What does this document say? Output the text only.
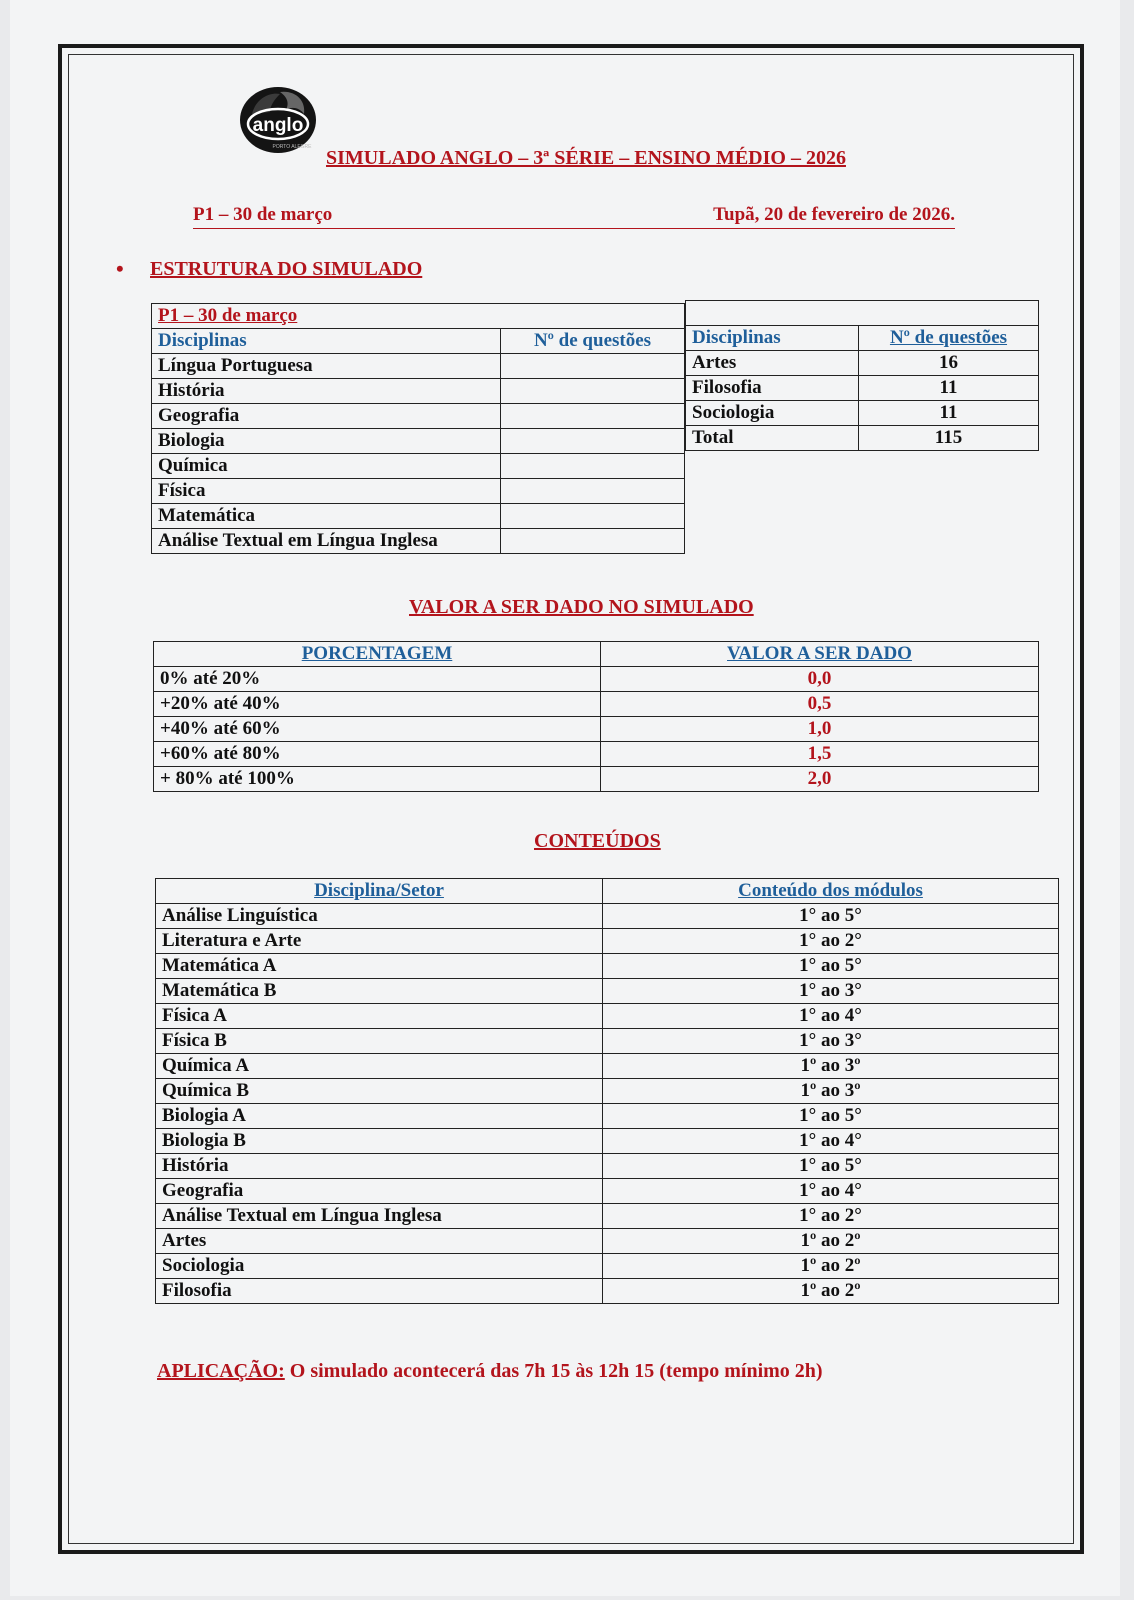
anglo
PORTO ALEGRE SIMULADO ANGLO – 3ª SÉRIE – ENSINO MÉDIO – 2026
P1 – 30 de março	Tupã, 20 de fevereiro de 2026.
• ESTRUTURA DO SIMULADO
P1 – 30 de março	
Disciplinas	Nº de questões
Língua Portuguesa	
História	
Geografia	
Biologia	
Química	
Física	
Matemática	
Análise Textual em Língua Inglesa	

Disciplinas	Nº de questões
Artes	16
Filosofia	11
Sociologia	11
Total	115
VALOR A SER DADO NO SIMULADO
PORCENTAGEM	VALOR A SER DADO
0% até 20%	0,0
+20% até 40%	0,5
+40% até 60%	1,0
+60% até 80%	1,5
+ 80% até 100%	2,0
CONTEÚDOS
Disciplina/Setor	Conteúdo dos módulos
Análise Linguística	1° ao 5°
Literatura e Arte	1° ao 2°
Matemática A	1° ao 5°
Matemática B	1° ao 3°
Física A	1° ao 4°
Física B	1° ao 3°
Química A	1º ao 3º
Química B	1º ao 3º
Biologia A	1° ao 5°
Biologia B	1° ao 4°
História	1° ao 5°
Geografia	1° ao 4°
Análise Textual em Língua Inglesa	1° ao 2°
Artes	1º ao 2º
Sociologia	1º ao 2º
Filosofia	1º ao 2º
APLICAÇÃO: O simulado acontecerá das 7h 15 às 12h 15 (tempo mínimo 2h)
